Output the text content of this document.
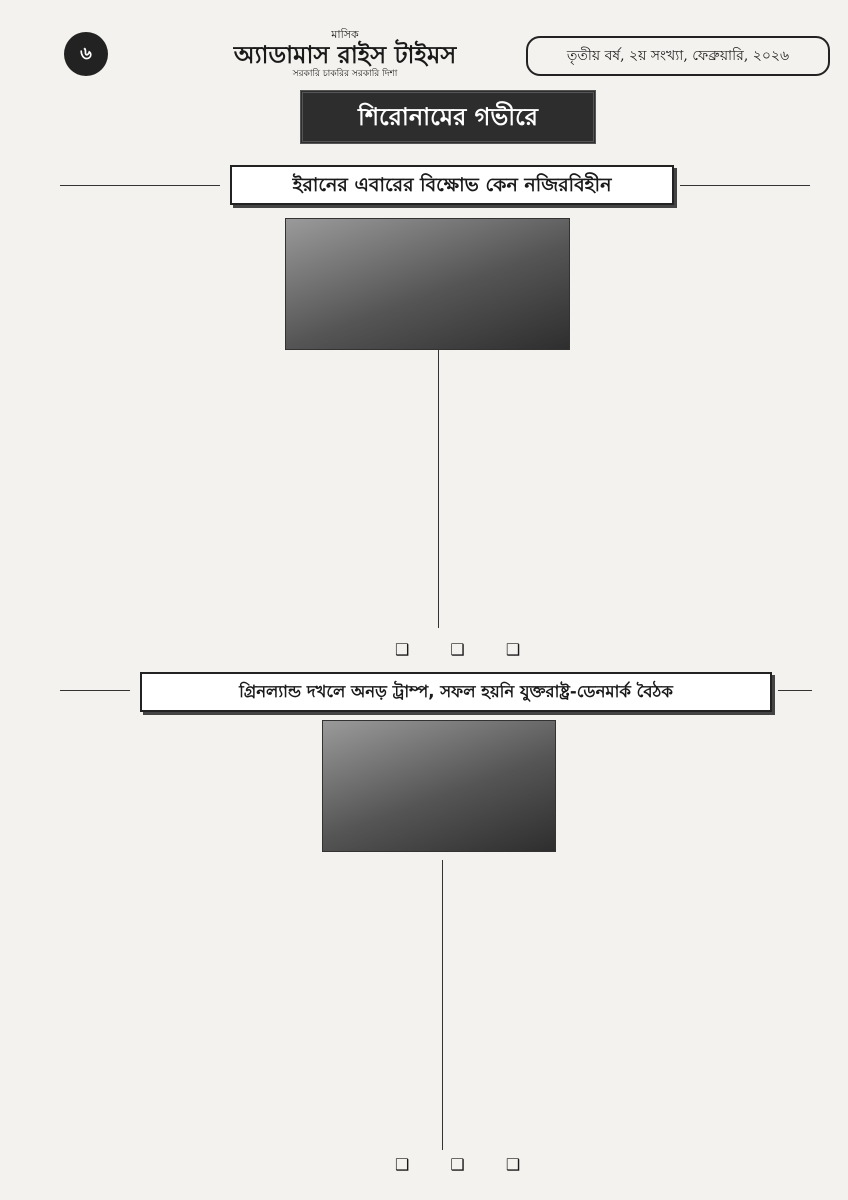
৬
মাসিক
অ্যাডামাস রাইস টাইমস
সরকারি চাকরির সরকারি দিশা
তৃতীয় বর্ষ, ২য় সংখ্যা, ফেব্রুয়ারি, ২০২৬
শিরোনামের গভীরে
ইরানের এবারের বিক্ষোভ কেন নজিরবিহীন
❑ ❑ ❑
গ্রিনল্যান্ড দখলে অনড় ট্রাম্প, সফল হয়নি যুক্তরাষ্ট্র-ডেনমার্ক বৈঠক
❑ ❑ ❑
